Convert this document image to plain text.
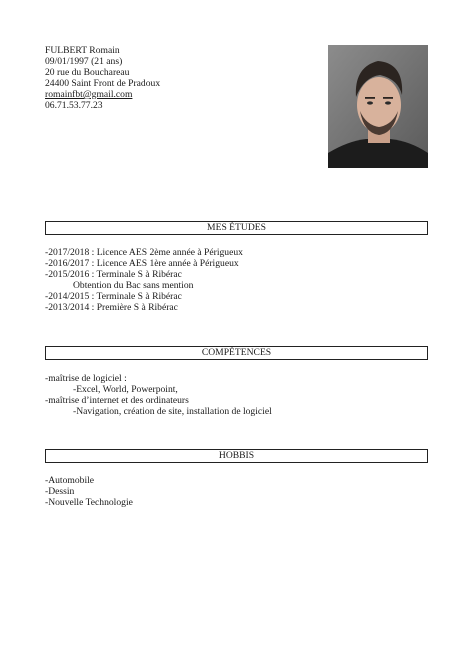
FULBERT Romain
09/01/1997 (21 ans)
20 rue du Bouchareau
24400 Saint Front de Pradoux
romainfbt@gmail.com
06.71.53.77.23
MES ÉTUDES
-2017/2018 : Licence AES 2ème année à Périgueux
-2016/2017 : Licence AES 1ère année à Périgueux
-2015/2016 : Terminale S à Ribérac
Obtention du Bac sans mention
-2014/2015 : Terminale S à Ribérac
-2013/2014 : Première S à Ribérac
COMPÉTENCES
-maîtrise de logiciel :
-Excel, World, Powerpoint,
-maîtrise d’internet et des ordinateurs
-Navigation, création de site, installation de logiciel
HOBBIS
-Automobile
-Dessin
-Nouvelle Technologie
